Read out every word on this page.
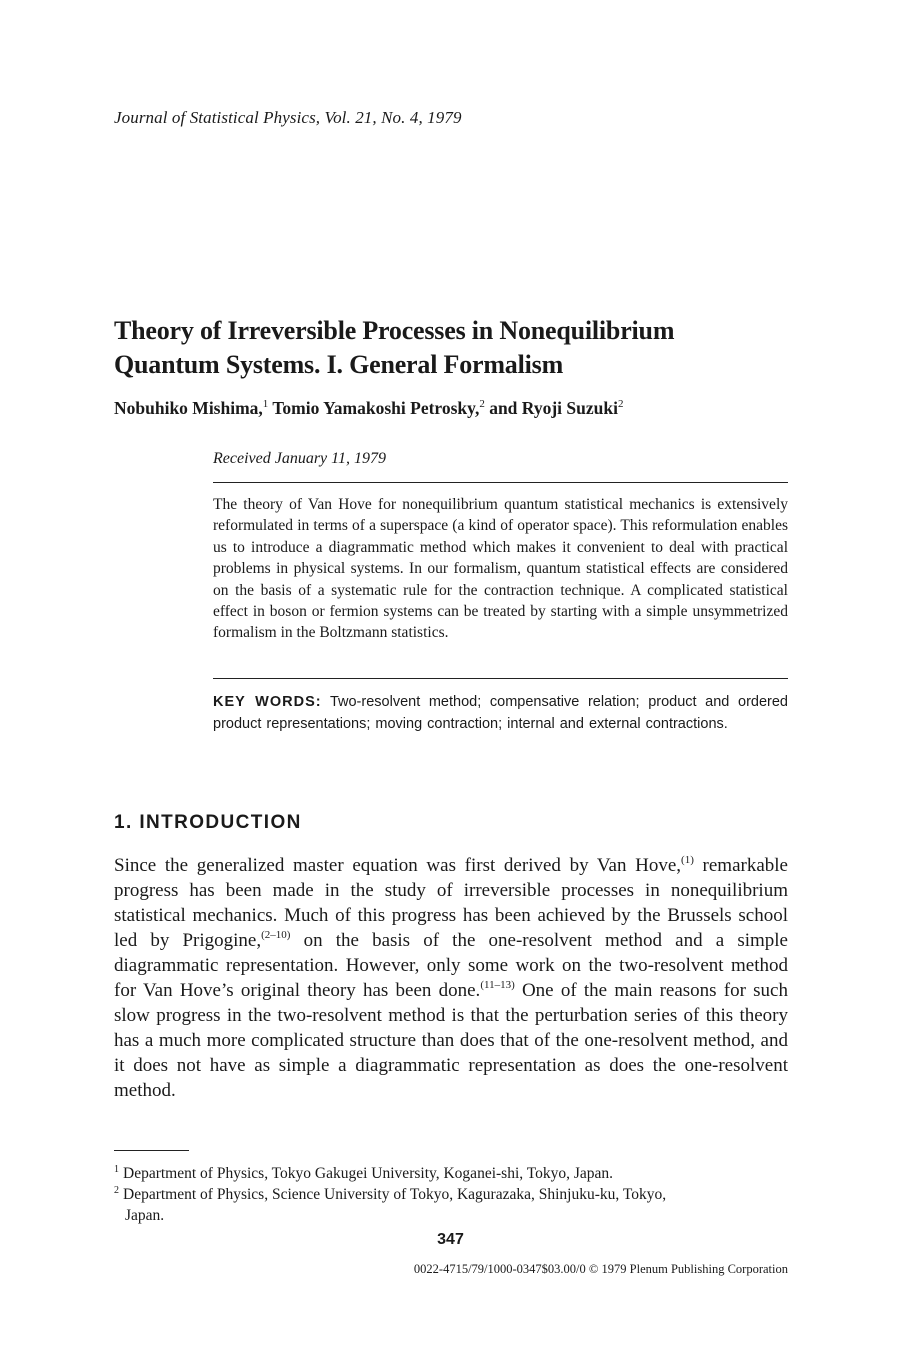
Journal of Statistical Physics, Vol. 21, No. 4, 1979
Theory of Irreversible Processes in Nonequilibrium
Quantum Systems. I. General Formalism
Nobuhiko Mishima,$^1$ Tomio Yamakoshi Petrosky,$^2$ and Ryoji Suzuki$^2$
Received January 11, 1979
The theory of Van Hove for nonequilibrium quantum statistical mechanics is extensively reformulated in terms of a superspace (a kind of operator space). This reformulation enables us to introduce a diagrammatic method which makes it convenient to deal with practical problems in physical systems. In our formalism, quantum statistical effects are considered on the basis of a systematic rule for the contraction technique. A complicated statistical effect in boson or fermion systems can be treated by starting with a simple unsymmetrized formalism in the Boltzmann statistics.
KEY WORDS: Two-resolvent method; compensative relation; product and ordered product representations; moving contraction; internal and external contractions.
1. INTRODUCTION
Since the generalized master equation was first derived by Van Hove,$^{(1)}$ remarkable progress has been made in the study of irreversible processes in nonequilibrium statistical mechanics. Much of this progress has been achieved by the Brussels school led by Prigogine,$^{(2-10)}$ on the basis of the one-resolvent method and a simple diagrammatic representation. However, only some work on the two-resolvent method for Van Hove’s original theory has been done.$^{(11-13)}$ One of the main reasons for such slow progress in the two-resolvent method is that the perturbation series of this theory has a much more complicated structure than does that of the one-resolvent method, and it does not have as simple a diagrammatic representation as does the one-resolvent method.
$^1$ Department of Physics, Tokyo Gakugei University, Koganei-shi, Tokyo, Japan.
$^2$ Department of Physics, Science University of Tokyo, Kagurazaka, Shinjuku-ku, Tokyo,
Japan.
347
0022-4715/79/1000-0347$03.00/0 © 1979 Plenum Publishing Corporation
